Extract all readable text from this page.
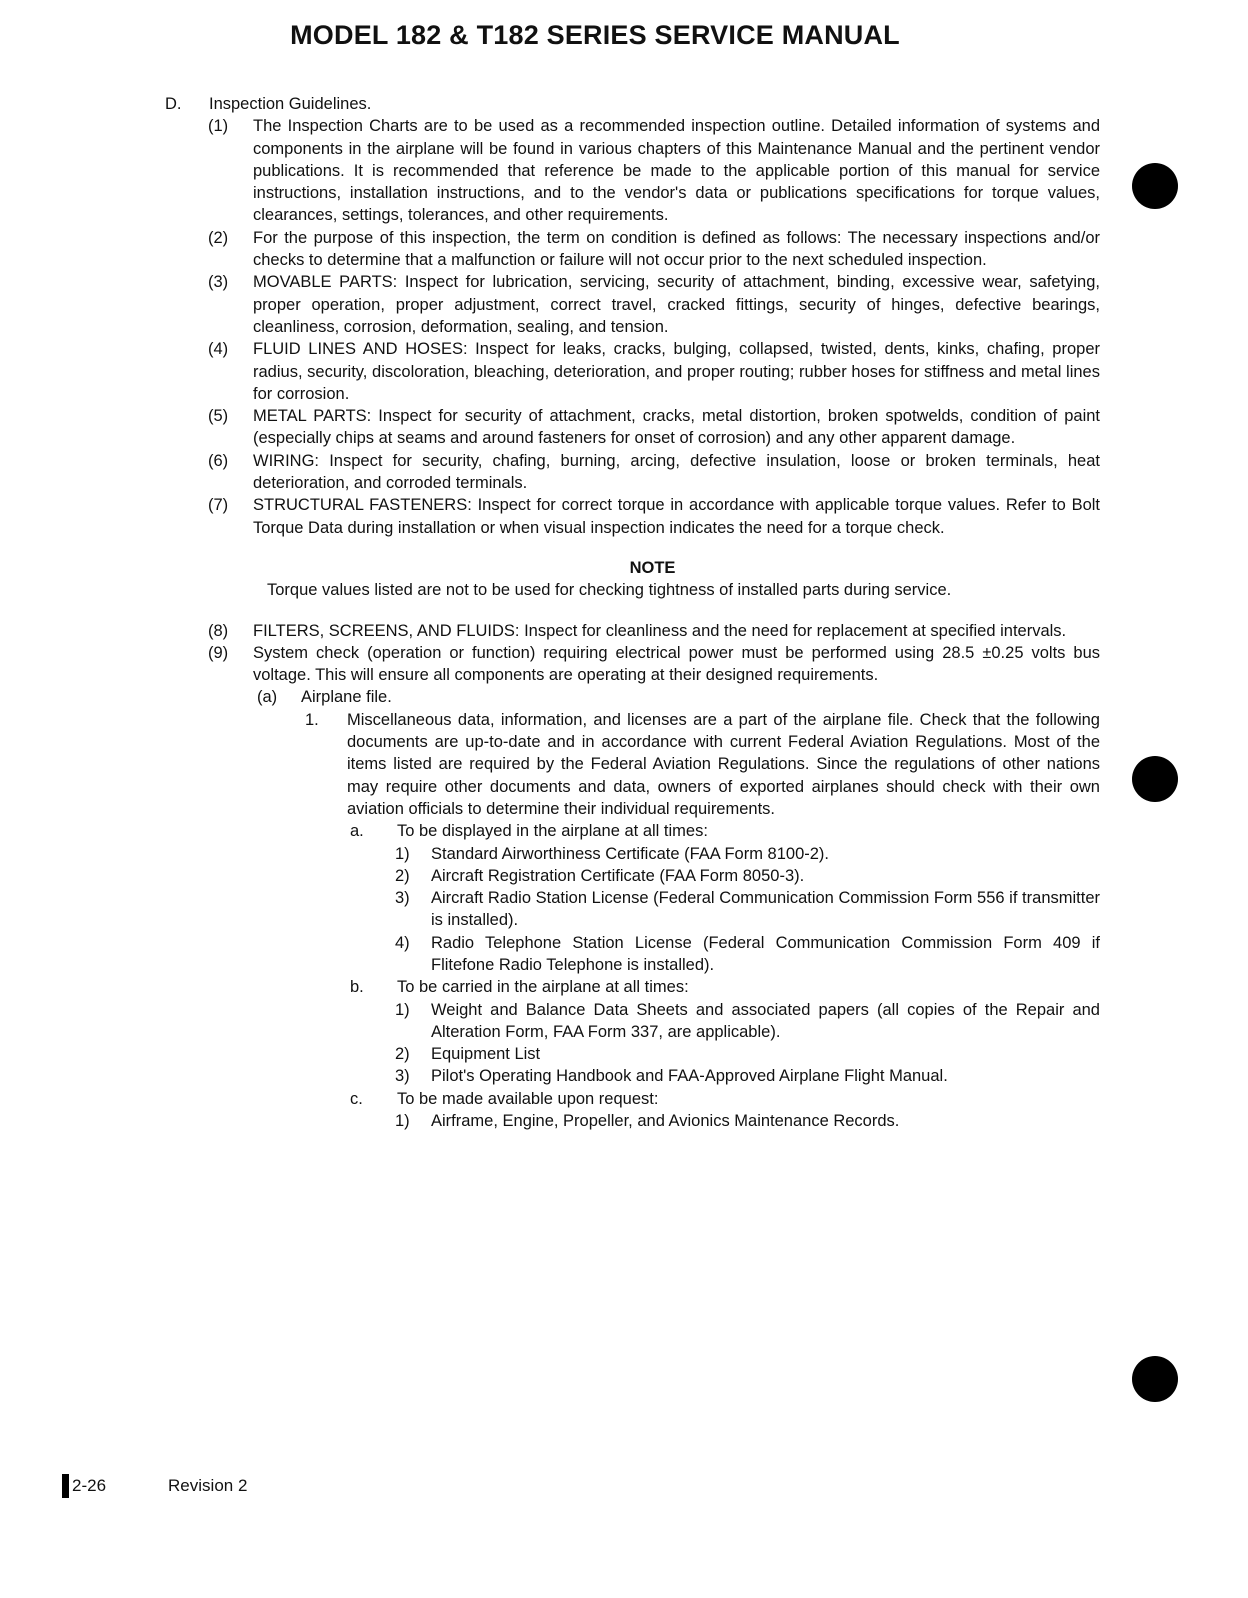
MODEL 182 & T182 SERIES SERVICE MANUAL
D. Inspection Guidelines.
(1) The Inspection Charts are to be used as a recommended inspection outline. Detailed information of systems and components in the airplane will be found in various chapters of this Maintenance Manual and the pertinent vendor publications. It is recommended that reference be made to the applicable portion of this manual for service instructions, installation instructions, and to the vendor's data or publications specifications for torque values, clearances, settings, tolerances, and other requirements.
(2) For the purpose of this inspection, the term on condition is defined as follows: The necessary inspections and/or checks to determine that a malfunction or failure will not occur prior to the next scheduled inspection.
(3) MOVABLE PARTS: Inspect for lubrication, servicing, security of attachment, binding, excessive wear, safetying, proper operation, proper adjustment, correct travel, cracked fittings, security of hinges, defective bearings, cleanliness, corrosion, deformation, sealing, and tension.
(4) FLUID LINES AND HOSES: Inspect for leaks, cracks, bulging, collapsed, twisted, dents, kinks, chafing, proper radius, security, discoloration, bleaching, deterioration, and proper routing; rubber hoses for stiffness and metal lines for corrosion.
(5) METAL PARTS: Inspect for security of attachment, cracks, metal distortion, broken spotwelds, condition of paint (especially chips at seams and around fasteners for onset of corrosion) and any other apparent damage.
(6) WIRING: Inspect for security, chafing, burning, arcing, defective insulation, loose or broken terminals, heat deterioration, and corroded terminals.
(7) STRUCTURAL FASTENERS: Inspect for correct torque in accordance with applicable torque values. Refer to Bolt Torque Data during installation or when visual inspection indicates the need for a torque check.
NOTE
Torque values listed are not to be used for checking tightness of installed parts during service.
(8) FILTERS, SCREENS, AND FLUIDS: Inspect for cleanliness and the need for replacement at specified intervals.
(9) System check (operation or function) requiring electrical power must be performed using 28.5 ±0.25 volts bus voltage. This will ensure all components are operating at their designed requirements.
(a) Airplane file.
1. Miscellaneous data, information, and licenses are a part of the airplane file. Check that the following documents are up-to-date and in accordance with current Federal Aviation Regulations. Most of the items listed are required by the Federal Aviation Regulations. Since the regulations of other nations may require other documents and data, owners of exported airplanes should check with their own aviation officials to determine their individual requirements.
a. To be displayed in the airplane at all times:
1) Standard Airworthiness Certificate (FAA Form 8100-2).
2) Aircraft Registration Certificate (FAA Form 8050-3).
3) Aircraft Radio Station License (Federal Communication Commission Form 556 if transmitter is installed).
4) Radio Telephone Station License (Federal Communication Commission Form 409 if Flitefone Radio Telephone is installed).
b. To be carried in the airplane at all times:
1) Weight and Balance Data Sheets and associated papers (all copies of the Repair and Alteration Form, FAA Form 337, are applicable).
2) Equipment List
3) Pilot's Operating Handbook and FAA-Approved Airplane Flight Manual.
c. To be made available upon request:
1) Airframe, Engine, Propeller, and Avionics Maintenance Records.
2-26	Revision 2
